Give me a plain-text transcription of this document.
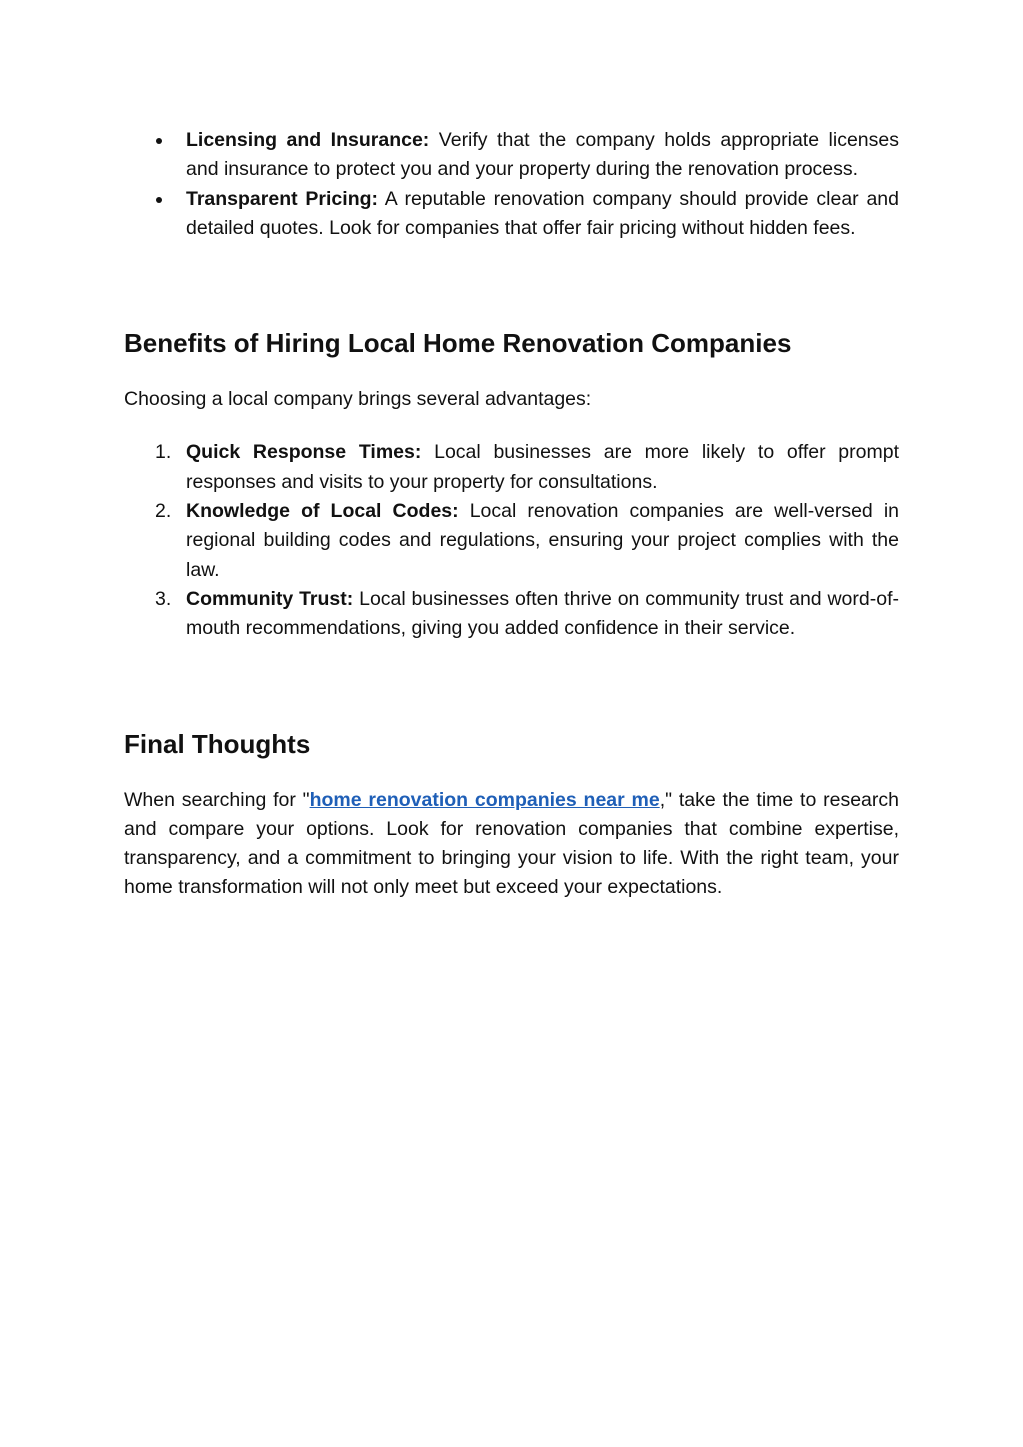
Licensing and Insurance: Verify that the company holds appropriate licenses and insurance to protect you and your property during the renovation process.
Transparent Pricing: A reputable renovation company should provide clear and detailed quotes. Look for companies that offer fair pricing without hidden fees.
Benefits of Hiring Local Home Renovation Companies

Choosing a local company brings several advantages:

1. Quick Response Times: Local businesses are more likely to offer prompt responses and visits to your property for consultations.
2. Knowledge of Local Codes: Local renovation companies are well-versed in regional building codes and regulations, ensuring your project complies with the law.
3. Community Trust: Local businesses often thrive on community trust and word-of-mouth recommendations, giving you added confidence in their service.
Final Thoughts

When searching for "home renovation companies near me," take the time to research and compare your options. Look for renovation companies that combine expertise, transparency, and a commitment to bringing your vision to life. With the right team, your home transformation will not only meet but exceed your expectations.
